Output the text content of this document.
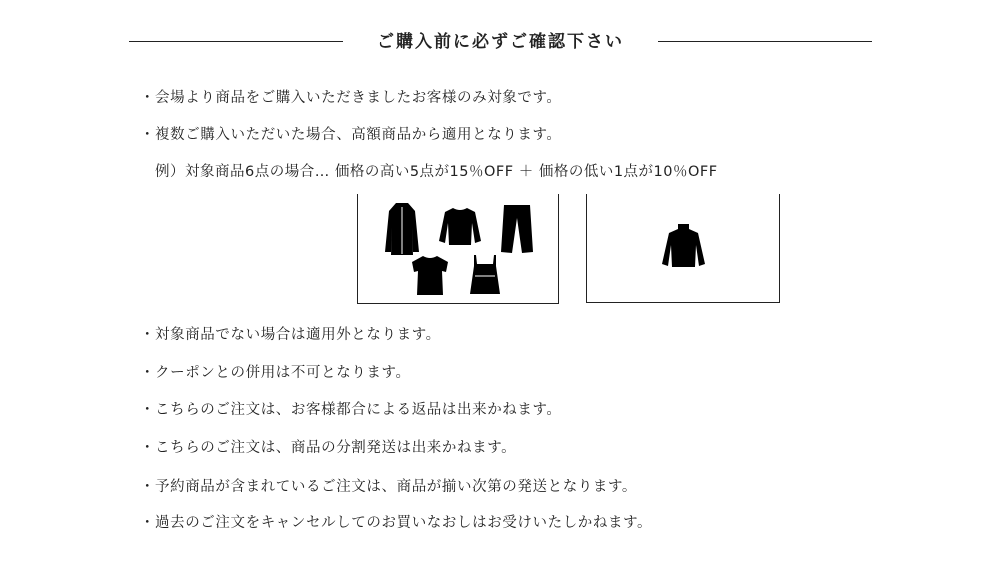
ご購入前に必ずご確認下さい
・会場より商品をご購入いただきましたお客様のみ対象です。
・複数ご購入いただいた場合、高額商品から適用となります。
例）対象商品6点の場合… 価格の高い5点が15％OFF ＋ 価格の低い1点が10％OFF
・対象商品でない場合は適用外となります。
・クーポンとの併用は不可となります。
・こちらのご注文は、お客様都合による返品は出来かねます。
・こちらのご注文は、商品の分割発送は出来かねます。
・予約商品が含まれているご注文は、商品が揃い次第の発送となります。
・過去のご注文をキャンセルしてのお買いなおしはお受けいたしかねます。
